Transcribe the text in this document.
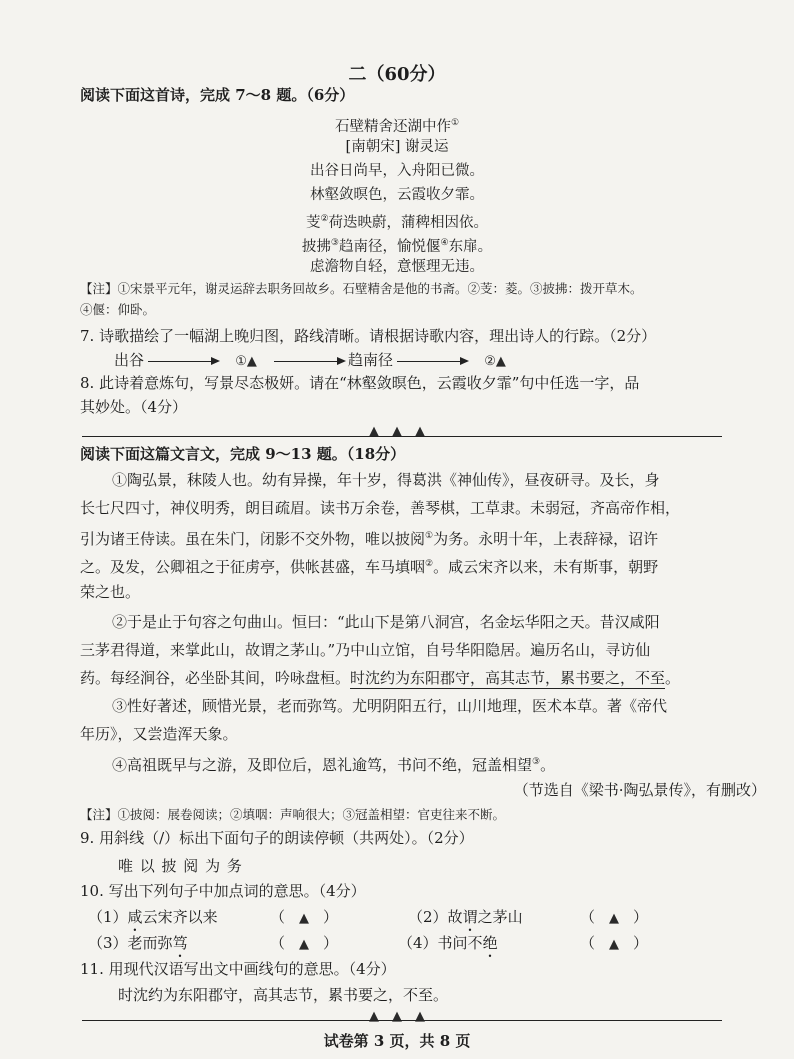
二（60分）
阅读下面这首诗，完成 7～8 题。（6分）
石壁精舍还湖中作①
[南朝宋] 谢灵运
出谷日尚早，入舟阳已微。
林壑敛暝色，云霞收夕霏。
芰②荷迭映蔚，蒲稗相因依。
披拂③趋南径，愉悦偃④东扉。
虑澹物自轻，意惬理无违。
【注】①宋景平元年，谢灵运辞去职务回故乡。石壁精舍是他的书斋。②芰：菱。③披拂：拨开草木。
④偃：仰卧。
7. 诗歌描绘了一幅湖上晚归图，路线清晰。请根据诗歌内容，理出诗人的行踪。（2分）
出谷	①▲	趋南径	②▲
8. 此诗着意炼句，写景尽态极妍。请在“林壑敛暝色，云霞收夕霏”句中任选一字，品
其妙处。（4分）
▲　▲　▲
阅读下面这篇文言文，完成 9～13 题。（18分）
①陶弘景，秣陵人也。幼有异操，年十岁，得葛洪《神仙传》，昼夜研寻。及长，身
长七尺四寸，神仪明秀，朗目疏眉。读书万余卷，善琴棋，工草隶。未弱冠，齐高帝作相，
引为诸王侍读。虽在朱门，闭影不交外物，唯以披阅①为务。永明十年，上表辞禄，诏许
之。及发，公卿祖之于征虏亭，供帐甚盛，车马填咽②。咸云宋齐以来，未有斯事，朝野
荣之也。
②于是止于句容之句曲山。恒曰：“此山下是第八洞宫，名金坛华阳之天。昔汉咸阳
三茅君得道，来掌此山，故谓之茅山。”乃中山立馆，自号华阳隐居。遍历名山，寻访仙
药。每经涧谷，必坐卧其间，吟咏盘桓。时沈约为东阳郡守，高其志节，累书要之，不至。
③性好著述，顾惜光景，老而弥笃。尤明阴阳五行，山川地理，医术本草。著《帝代
年历》，又尝造浑天象。
④高祖既早与之游，及即位后，恩礼逾笃，书问不绝，冠盖相望③。
（节选自《梁书·陶弘景传》，有删改）
【注】①披阅：展卷阅读；②填咽：声响很大；③冠盖相望：官吏往来不断。
9. 用斜线（/）标出下面句子的朗读停顿（共两处）。（2分）
唯 以 披 阅 为 务
10. 写出下列句子中加点词的意思。（4分）
（1）咸云宋齐以来	（ ▲ ）	（2）故谓之茅山	（ ▲ ）
（3）老而弥笃	（ ▲ ）	（4）书问不绝	（ ▲ ）
11. 用现代汉语写出文中画线句的意思。（4分）
时沈约为东阳郡守，高其志节，累书要之，不至。
▲　▲　▲
试卷第 3 页，共 8 页
